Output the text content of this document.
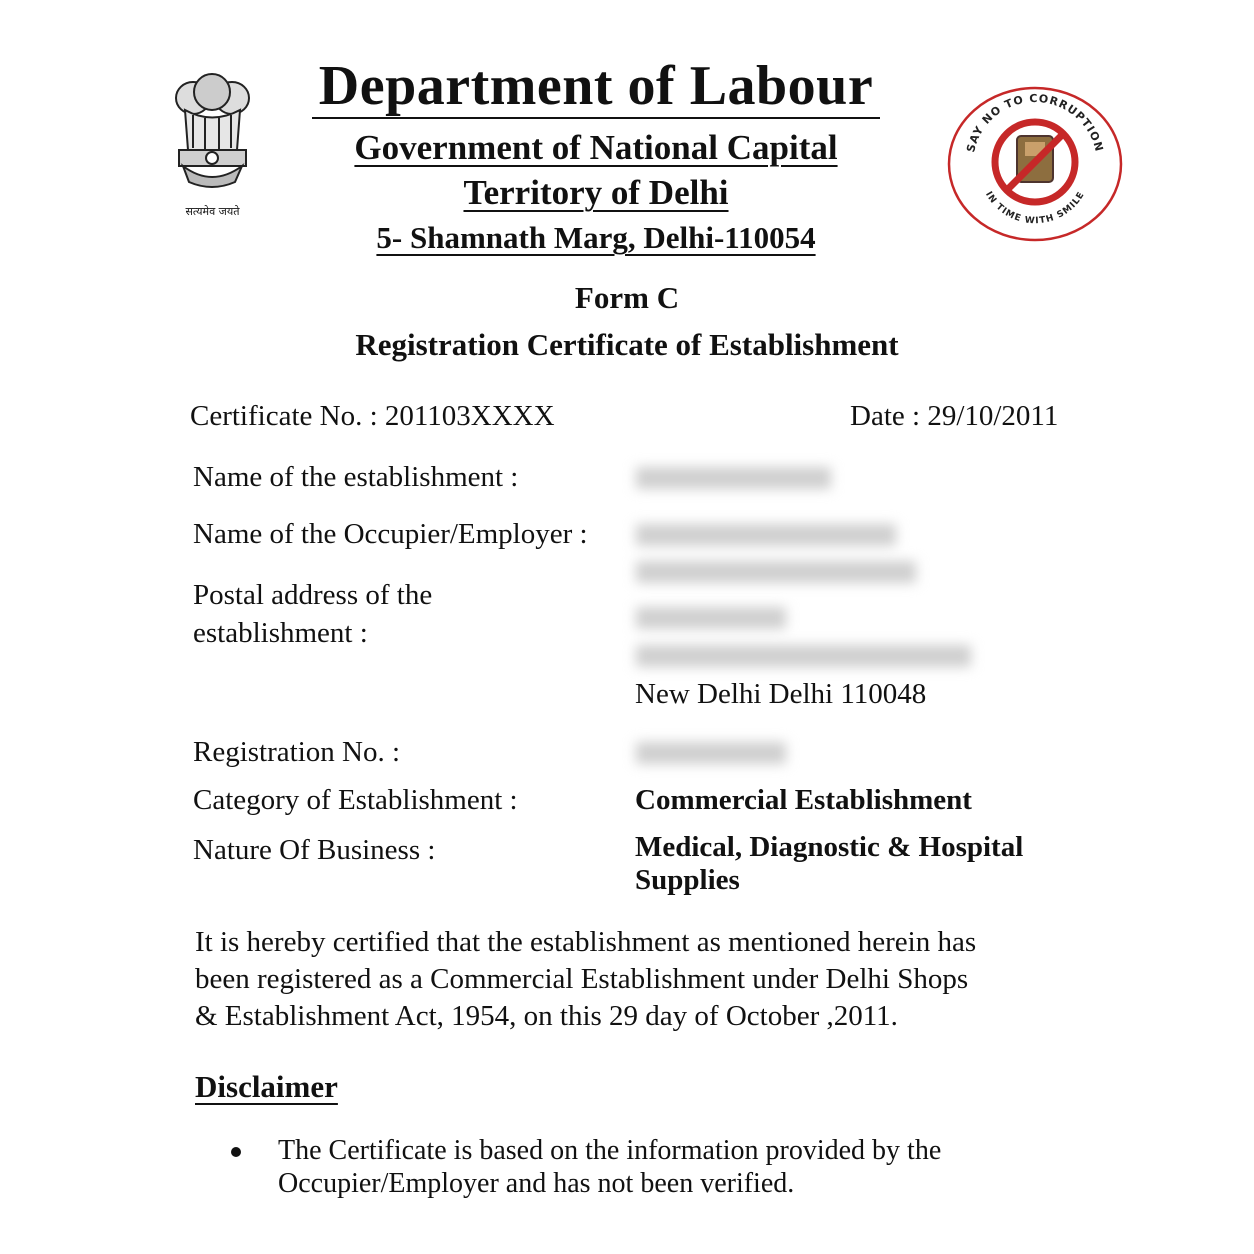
सत्यमेव जयते
Department of Labour
Government of National Capital
Territory of Delhi
5- Shamnath Marg, Delhi-110054
SAY NO TO CORRUPTION
IN TIME WITH SMILE
Form C
Registration Certificate of Establishment
Certificate No. : 201103XXXX	Date : 29/10/2011
Name of the establishment :
Name of the Occupier/Employer :
Postal address of the
establishment :
Registration No. :
Category of Establishment :
Nature Of Business :
New Delhi Delhi 110048
Commercial Establishment
Medical, Diagnostic & Hospital
Supplies
It is hereby certified that the establishment as mentioned herein has
been registered as a Commercial Establishment under Delhi Shops
& Establishment Act, 1954, on this 29 day of October ,2011.
Disclaimer
The Certificate is based on the information provided by the
Occupier/Employer and has not been verified.
